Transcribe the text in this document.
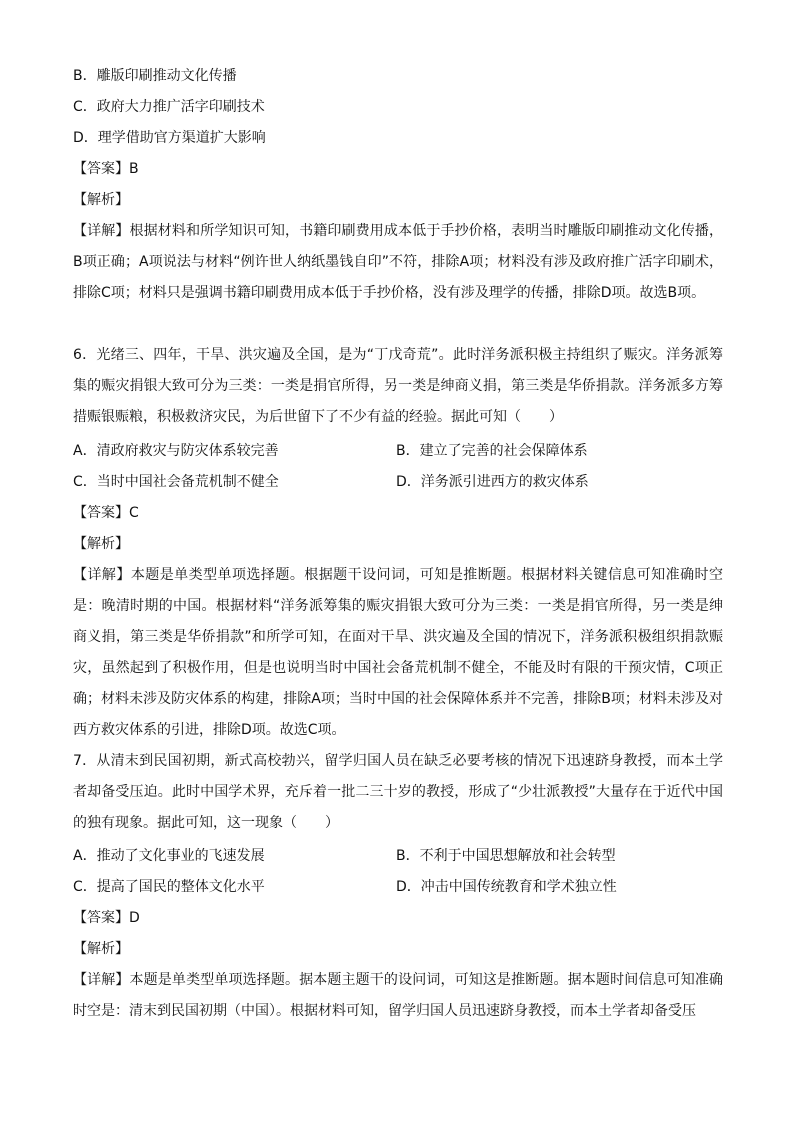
B．雕版印刷推动文化传播
C．政府大力推广活字印刷技术
D．理学借助官方渠道扩大影响
【答案】B
【解析】
【详解】根据材料和所学知识可知，书籍印刷费用成本低于手抄价格，表明当时雕版印刷推动文化传播，B项正确；A项说法与材料“例许世人纳纸墨钱自印”不符，排除A项；材料没有涉及政府推广活字印刷术，排除C项；材料只是强调书籍印刷费用成本低于手抄价格，没有涉及理学的传播，排除D项。故选B项。
6．光绪三、四年，干旱、洪灾遍及全国，是为“丁戊奇荒”。此时洋务派积极主持组织了赈灾。洋务派筹集的赈灾捐银大致可分为三类：一类是捐官所得，另一类是绅商义捐，第三类是华侨捐款。洋务派多方筹措赈银赈粮，积极救济灾民，为后世留下了不少有益的经验。据此可知（　　）
A．清政府救灾与防灾体系较完善	B．建立了完善的社会保障体系
C．当时中国社会备荒机制不健全	D．洋务派引进西方的救灾体系
【答案】C
【解析】
【详解】本题是单类型单项选择题。根据题干设问词，可知是推断题。根据材料关键信息可知准确时空是：晚清时期的中国。根据材料“洋务派筹集的赈灾捐银大致可分为三类：一类是捐官所得，另一类是绅商义捐，第三类是华侨捐款”和所学可知，在面对干旱、洪灾遍及全国的情况下，洋务派积极组织捐款赈灾，虽然起到了积极作用，但是也说明当时中国社会备荒机制不健全，不能及时有限的干预灾情，C项正确；材料未涉及防灾体系的构建，排除A项；当时中国的社会保障体系并不完善，排除B项；材料未涉及对西方救灾体系的引进，排除D项。故选C项。
7．从清末到民国初期，新式高校勃兴，留学归国人员在缺乏必要考核的情况下迅速跻身教授，而本土学者却备受压迫。此时中国学术界，充斥着一批二三十岁的教授，形成了“少壮派教授”大量存在于近代中国的独有现象。据此可知，这一现象（　　）
A．推动了文化事业的飞速发展	B．不利于中国思想解放和社会转型
C．提高了国民的整体文化水平	D．冲击中国传统教育和学术独立性
【答案】D
【解析】
【详解】本题是单类型单项选择题。据本题主题干的设问词，可知这是推断题。据本题时间信息可知准确时空是：清末到民国初期（中国）。根据材料可知，留学归国人员迅速跻身教授，而本土学者却备受压
